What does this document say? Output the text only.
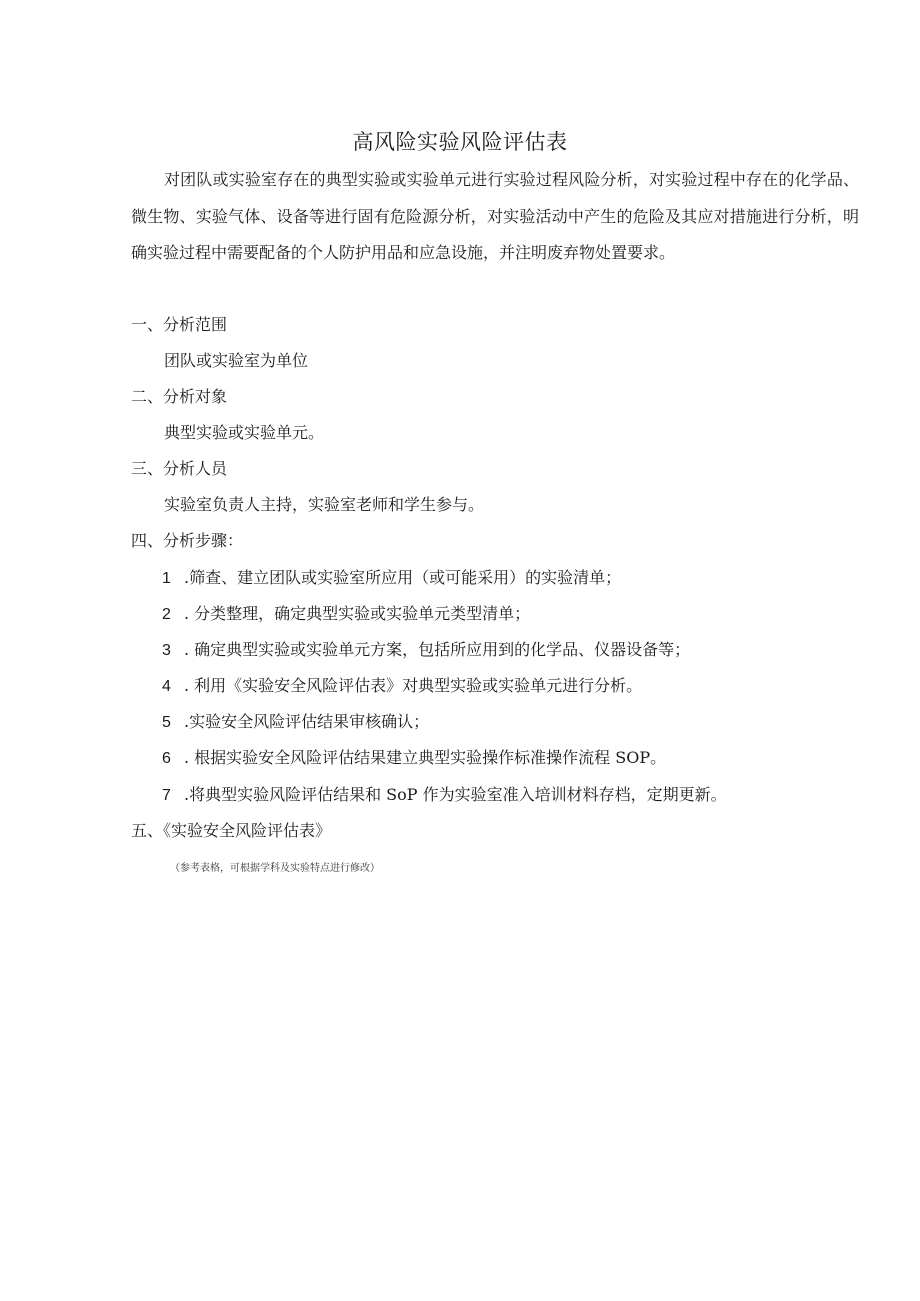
高风险实验风险评估表

对团队或实验室存在的典型实验或实验单元进行实验过程风险分析，对实验过程中存在的化学品、微生物、实验气体、设备等进行固有危险源分析，对实验活动中产生的危险及其应对措施进行分析，明确实验过程中需要配备的个人防护用品和应急设施，并注明废弃物处置要求。

一、分析范围
团队或实验室为单位
二、分析对象
典型实验或实验单元。
三、分析人员
实验室负责人主持，实验室老师和学生参与。
四、分析步骤：
1 .筛查、建立团队或实验室所应用（或可能采用）的实验清单；
2 . 分类整理，确定典型实验或实验单元类型清单；
3 . 确定典型实验或实验单元方案，包括所应用到的化学品、仪器设备等；
4 . 利用《实验安全风险评估表》对典型实验或实验单元进行分析。
5 .实验安全风险评估结果审核确认；
6 . 根据实验安全风险评估结果建立典型实验操作标准操作流程 SOP。
7 .将典型实验风险评估结果和 SoP 作为实验室准入培训材料存档，定期更新。
五、《实验安全风险评估表》
（参考表格，可根据学科及实验特点进行修改）
